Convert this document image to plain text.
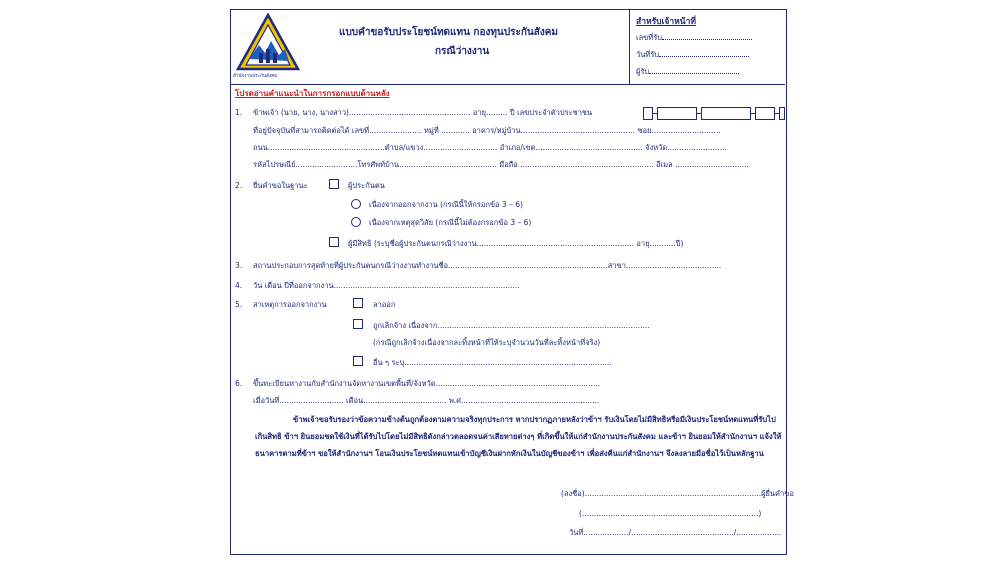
สำนักงานประกันสังคม
แบบคำขอรับประโยชน์ทดแทน กองทุนประกันสังคม
กรณีว่างงาน
สำหรับเจ้าหน้าที่
เลขที่รับ
วันที่รับ
ผู้รับ
โปรดอ่านคำแนะนำในการกรอกแบบด้านหลัง
1. ข้าพเจ้า (นาย, นาง, นางสาว)................................................... อายุ......... ปี เลขประจำตัวประชาชน
ที่อยู่ปัจจุบันที่สามารถติดต่อได้ เลขที่...................... หมู่ที่ ............ อาคาร/หมู่บ้าน................................................ ซอย.............................
ถนน.................................................ตำบล/แขวง............................... อำเภอ/เขต............................................. จังหวัด.........................
รหัสไปรษณีย์..........................โทรศัพท์บ้าน......................................... มือถือ ........................................................ อีเมล ...............................
2. ยื่นคำขอในฐานะ	ผู้ประกันตน
เนื่องจากออกจากงาน (กรณีนี้ให้กรอกข้อ 3 – 6)
เนื่องจากเหตุสุดวิสัย (กรณีนี้ไม่ต้องกรอกข้อ 3 – 6)
ผู้มีสิทธิ (ระบุชื่อผู้ประกันตนกรณีว่างงาน.................................................................. อายุ...........ปี)
3. สถานประกอบการสุดท้ายที่ผู้ประกันตนกรณีว่างงานทำงานชื่อ...................................................................สาขา........................................
4. วัน เดือน ปีที่ออกจากงาน..............................................................................
5. สาเหตุการออกจากงาน	ลาออก
ถูกเลิกจ้าง เนื่องจาก.........................................................................................
(กรณีถูกเลิกจ้างเนื่องจากละทิ้งหน้าที่ให้ระบุจำนวนวันที่ละทิ้งหน้าที่จริง)
อื่น ๆ ระบุ.......................................................................................
6. ขึ้นทะเบียนหางานกับสำนักงานจัดหางานเขตพื้นที่/จังหวัด.....................................................................
เมื่อวันที่........................... เดือน................................... พ.ศ..........................................................
ข้าพเจ้าขอรับรองว่าข้อความข้างต้นถูกต้องตามความจริงทุกประการ หากปรากฏภายหลังว่าข้าฯ รับเงินโดยไม่มีสิทธิหรือมีเงินประโยชน์ทดแทนที่รับไปเกินสิทธิ ข้าฯ ยินยอมชดใช้เงินที่ได้รับไปโดยไม่มีสิทธิดังกล่าวตลอดจนค่าเสียหายต่างๆ ที่เกิดขึ้นให้แก่สำนักงานประกันสังคม และข้าฯ ยินยอมให้สำนักงานฯ แจ้งให้ธนาคารตามที่ข้าฯ ขอให้สำนักงานฯ โอนเงินประโยชน์ทดแทนเข้าบัญชีเงินฝากหักเงินในบัญชีของข้าฯ เพื่อส่งคืนแก่สำนักงานฯ จึงลงลายมือชื่อไว้เป็นหลักฐาน
(ลงชื่อ)..........................................................................ผู้ยื่นคำขอ
(..........................................................................)
วันที่.................../.........................................../...................
